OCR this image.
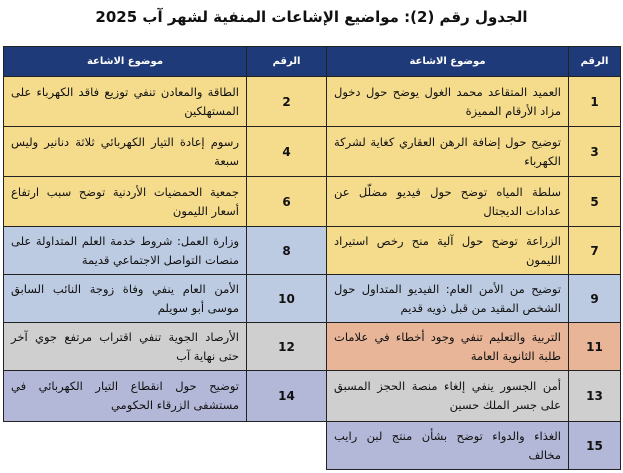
الجدول رقم (2): مواضيع الإشاعات المنفية لشهر آب 2025
موضوع الاشاعة	الرقم	موضوع الاشاعة	الرقم
الطاقة والمعادن تنفي توزيع فاقد الكهرباء على المستهلكين	2	العميد المتقاعد محمد الغول يوضح حول دخول مزاد الأرقام المميزة	1
رسوم إعادة التيار الكهربائي ثلاثة دنانير وليس سبعة	4	توضيح حول إضافة الرهن العقاري كغاية لشركة الكهرباء	3
جمعية الحمضيات الأردنية توضح سبب ارتفاع أسعار الليمون	6	سلطة المياه توضح حول فيديو مضلّل عن عدادات الديجتال	5
وزارة العمل: شروط خدمة العلم المتداولة على منصات التواصل الاجتماعي قديمة	8	الزراعة توضح حول آلية منح رخص استيراد الليمون	7
الأمن العام ينفي وفاة زوجة النائب السابق موسى أبو سويلم	10	توضيح من الأمن العام: الفيديو المتداول حول الشخص المقيد من قبل ذويه قديم	9
الأرصاد الجوية تنفي اقتراب مرتفع جوي آخر حتى نهاية آب	12	التربية والتعليم تنفي وجود أخطاء في علامات طلبة الثانوية العامة	11
توضيح حول انقطاع التيار الكهربائي في مستشفى الزرقاء الحكومي	14	أمن الجسور ينفي إلغاء منصة الحجز المسبق على جسر الملك حسين	13
		الغذاء والدواء توضح بشأن منتج لبن رايب مخالف	15
